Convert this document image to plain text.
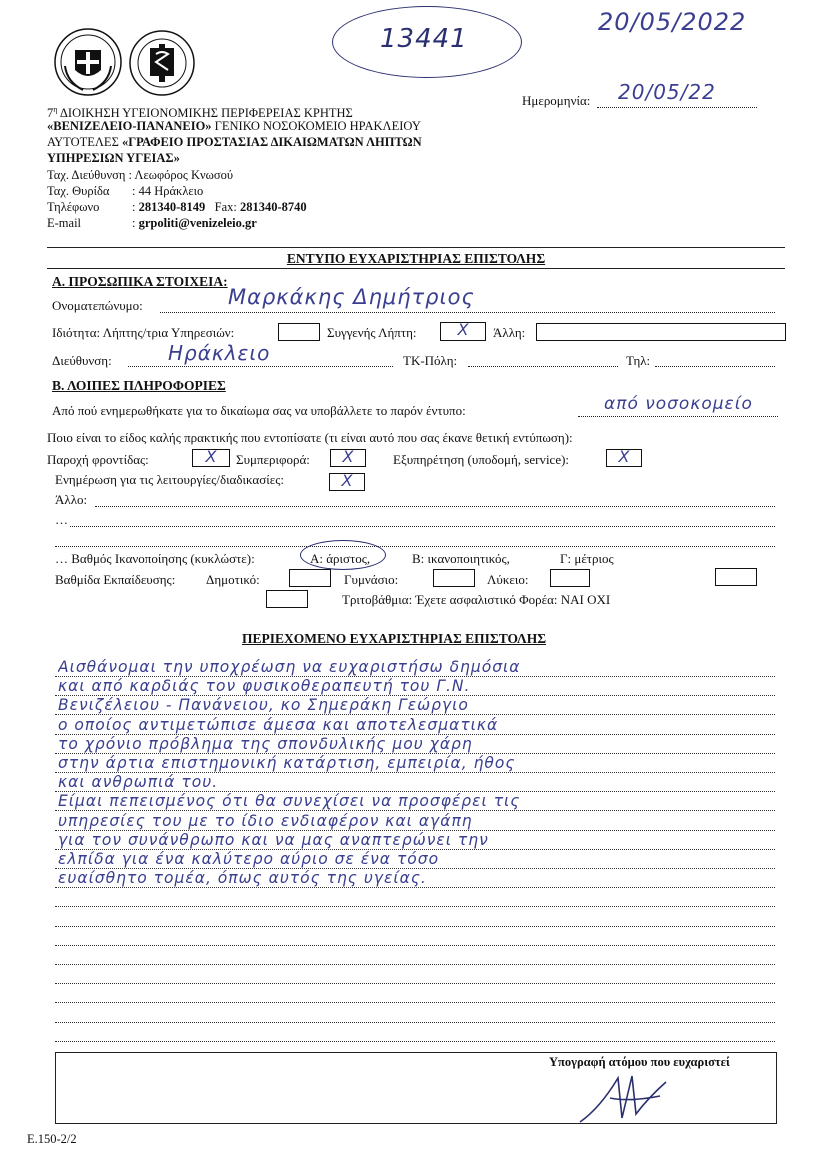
13441
20/05/2022
$7^\eta$ ΔΙΟΙΚΗΣΗ ΥΓΕΙΟΝΟΜΙΚΗΣ ΠΕΡΙΦΕΡΕΙΑΣ ΚΡΗΤΗΣ
«ΒΕΝΙΖΕΛΕΙΟ-ΠΑΝΑΝΕΙΟ» ΓΕΝΙΚΟ ΝΟΣΟΚΟΜΕΙΟ ΗΡΑΚΛΕΙΟΥ
ΑΥΤΟΤΕΛΕΣ «ΓΡΑΦΕΙΟ ΠΡΟΣΤΑΣΙΑΣ ΔΙΚΑΙΩΜΑΤΩΝ ΛΗΠΤΩΝ
ΥΠΗΡΕΣΙΩΝ ΥΓΕΙΑΣ»
Ταχ. Διεύθυνση : Λεωφόρος Κνωσού
Ταχ. Θυρίδα : 44 Ηράκλειο
Τηλέφωνο	: 281340-8149 Fax: 281340-8740
E-mail	: grpoliti@venizeleio.gr
Ημερομηνία: 20/05/22
ΕΝΤΥΠΟ ΕΥΧΑΡΙΣΤΗΡΙΑΣ ΕΠΙΣΤΟΛΗΣ
Α. ΠΡΟΣΩΠΙΚΑ ΣΤΟΙΧΕΙΑ:
Ονοματεπώνυμο:	Μαρκάκης Δημήτριος
Ιδιότητα: Λήπτης/τρια Υπηρεσιών:	Συγγενής Λήπτη:	X	Άλλη:
Διεύθυνση:	Ηράκλειο	ΤΚ-Πόλη:	Τηλ:
Β. ΛΟΙΠΕΣ ΠΛΗΡΟΦΟΡΙΕΣ
Από πού ενημερωθήκατε για το δικαίωμα σας να υποβάλλετε το παρόν έντυπο:	από νοσοκομείο
Ποιο είναι το είδος καλής πρακτικής που εντοπίσατε (τι είναι αυτό που σας έκανε θετική εντύπωση):
Παροχή φροντίδας:	X	Συμπεριφορά:	X	Εξυπηρέτηση (υποδομή, service):	X
Ενημέρωση για τις λειτουργίες/διαδικασίες:	X
Άλλο:
…
… Βαθμός Ικανοποίησης (κυκλώστε):	Α: άριστος,	Β: ικανοποιητικός,	Γ: μέτριος
Βαθμίδα Εκπαίδευσης: Δημοτικό:	Γυμνάσιο:	Λύκειο:
Τριτοβάθμια: Έχετε ασφαλιστικό Φορέα: ΝΑΙ ΟΧΙ
ΠΕΡΙΕΧΟΜΕΝΟ ΕΥΧΑΡΙΣΤΗΡΙΑΣ ΕΠΙΣΤΟΛΗΣ
Αισθάνομαι την υποχρέωση να ευχαριστήσω δημόσια
και από καρδιάς τον φυσικοθεραπευτή του Γ.Ν.
Βενιζέλειου - Πανάνειου, κο Σημεράκη Γεώργιο
ο οποίος αντιμετώπισε άμεσα και αποτελεσματικά
το χρόνιο πρόβλημα της σπονδυλικής μου χάρη
στην άρτια επιστημονική κατάρτιση, εμπειρία, ήθος
και ανθρωπιά του.
Είμαι πεπεισμένος ότι θα συνεχίσει να προσφέρει τις
υπηρεσίες του με το ίδιο ενδιαφέρον και αγάπη
για τον συνάνθρωπο και να μας αναπτερώνει την
ελπίδα για ένα καλύτερο αύριο σε ένα τόσο
ευαίσθητο τομέα, όπως αυτός της υγείας.
Υπογραφή ατόμου που ευχαριστεί
E.150-2/2
